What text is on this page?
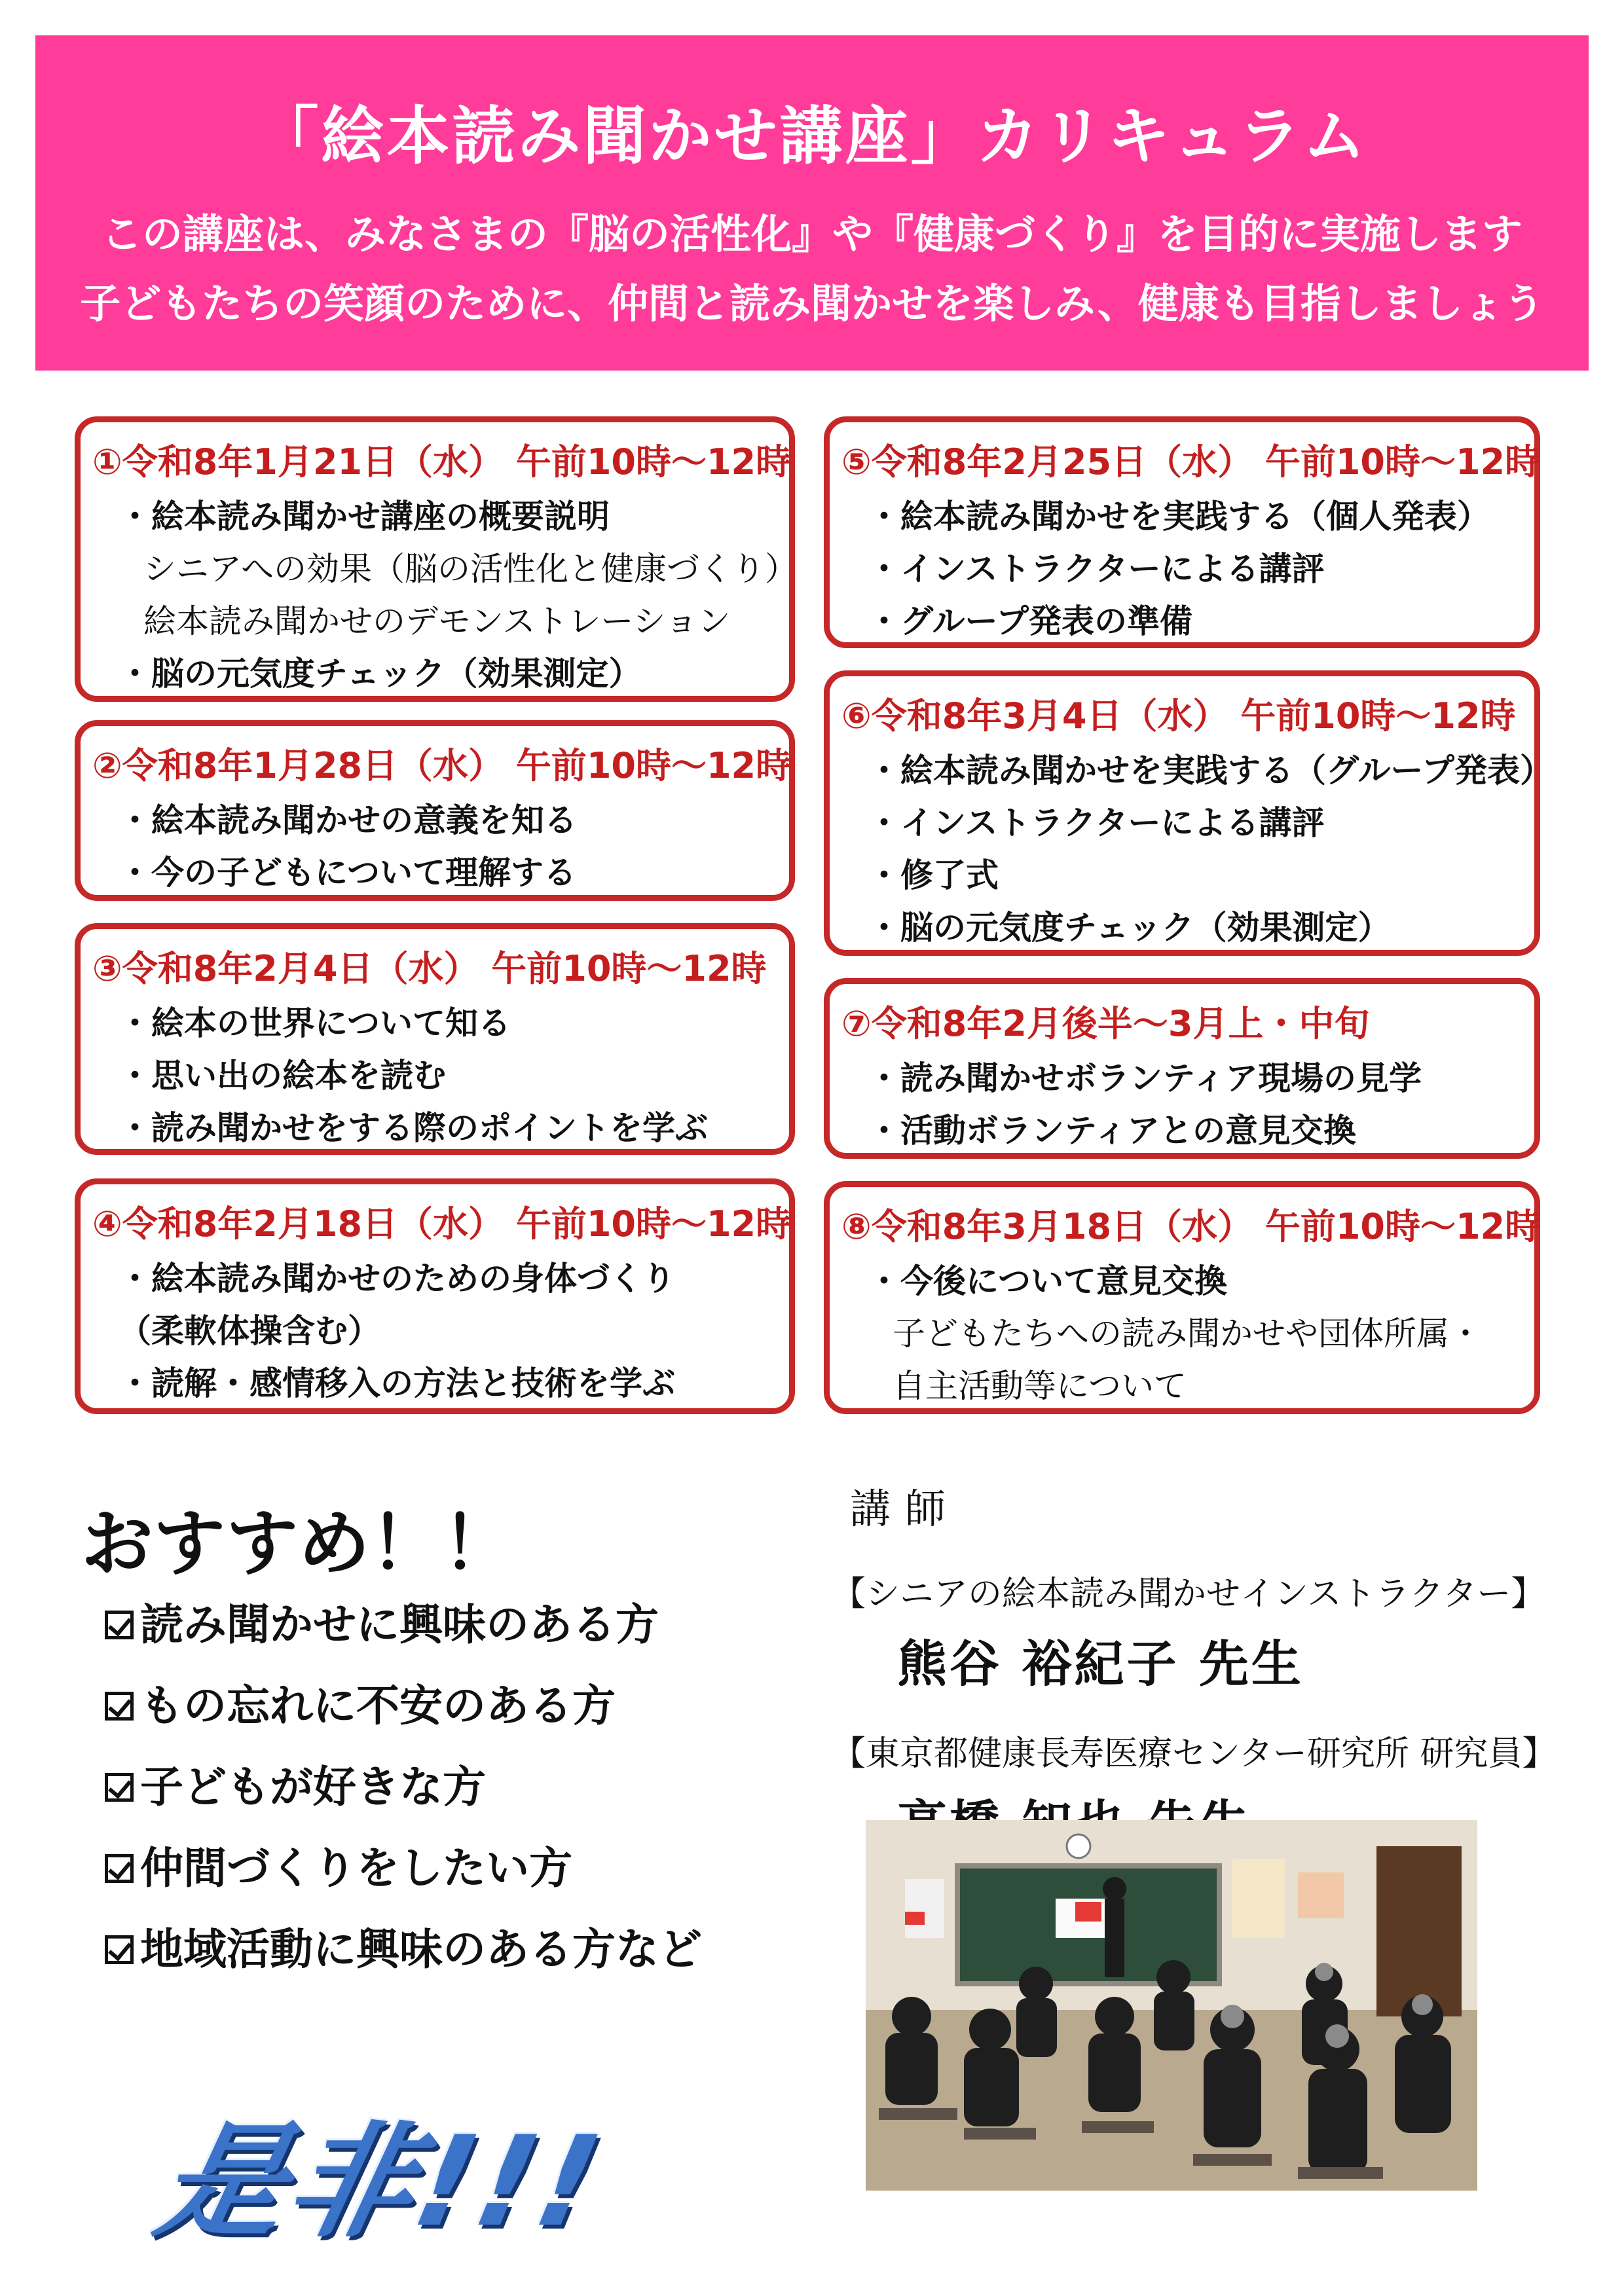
「絵本読み聞かせ講座」カリキュラム
この講座は、みなさまの『脳の活性化』や『健康づくり』を目的に実施します
子どもたちの笑顔のために、仲間と読み聞かせを楽しみ、健康も目指しましょう
①令和8年1月21日（水） 午前10時～12時
・絵本読み聞かせ講座の概要説明
シニアへの効果（脳の活性化と健康づくり）
絵本読み聞かせのデモンストレーション
・脳の元気度チェック（効果測定）
②令和8年1月28日（水） 午前10時～12時
・絵本読み聞かせの意義を知る
・今の子どもについて理解する
③令和8年2月4日（水） 午前10時～12時
・絵本の世界について知る
・思い出の絵本を読む
・読み聞かせをする際のポイントを学ぶ
④令和8年2月18日（水） 午前10時～12時
・絵本読み聞かせのための身体づくり
（柔軟体操含む）
・読解・感情移入の方法と技術を学ぶ
⑤令和8年2月25日（水） 午前10時～12時
・絵本読み聞かせを実践する（個人発表）
・インストラクターによる講評
・グループ発表の準備
⑥令和8年3月4日（水） 午前10時～12時
・絵本読み聞かせを実践する（グループ発表）
・インストラクターによる講評
・修了式
・脳の元気度チェック（効果測定）
⑦令和8年2月後半～3月上・中旬
・読み聞かせボランティア現場の見学
・活動ボランティアとの意見交換
⑧令和8年3月18日（水） 午前10時～12時
・今後について意見交換
子どもたちへの読み聞かせや団体所属・
自主活動等について
おすすめ！！
読み聞かせに興味のある方
もの忘れに不安のある方
子どもが好きな方
仲間づくりをしたい方
地域活動に興味のある方など
是非!!!
講師
【シニアの絵本読み聞かせインストラクター】
熊谷 裕紀子 先生
【東京都健康長寿医療センター研究所 研究員】
